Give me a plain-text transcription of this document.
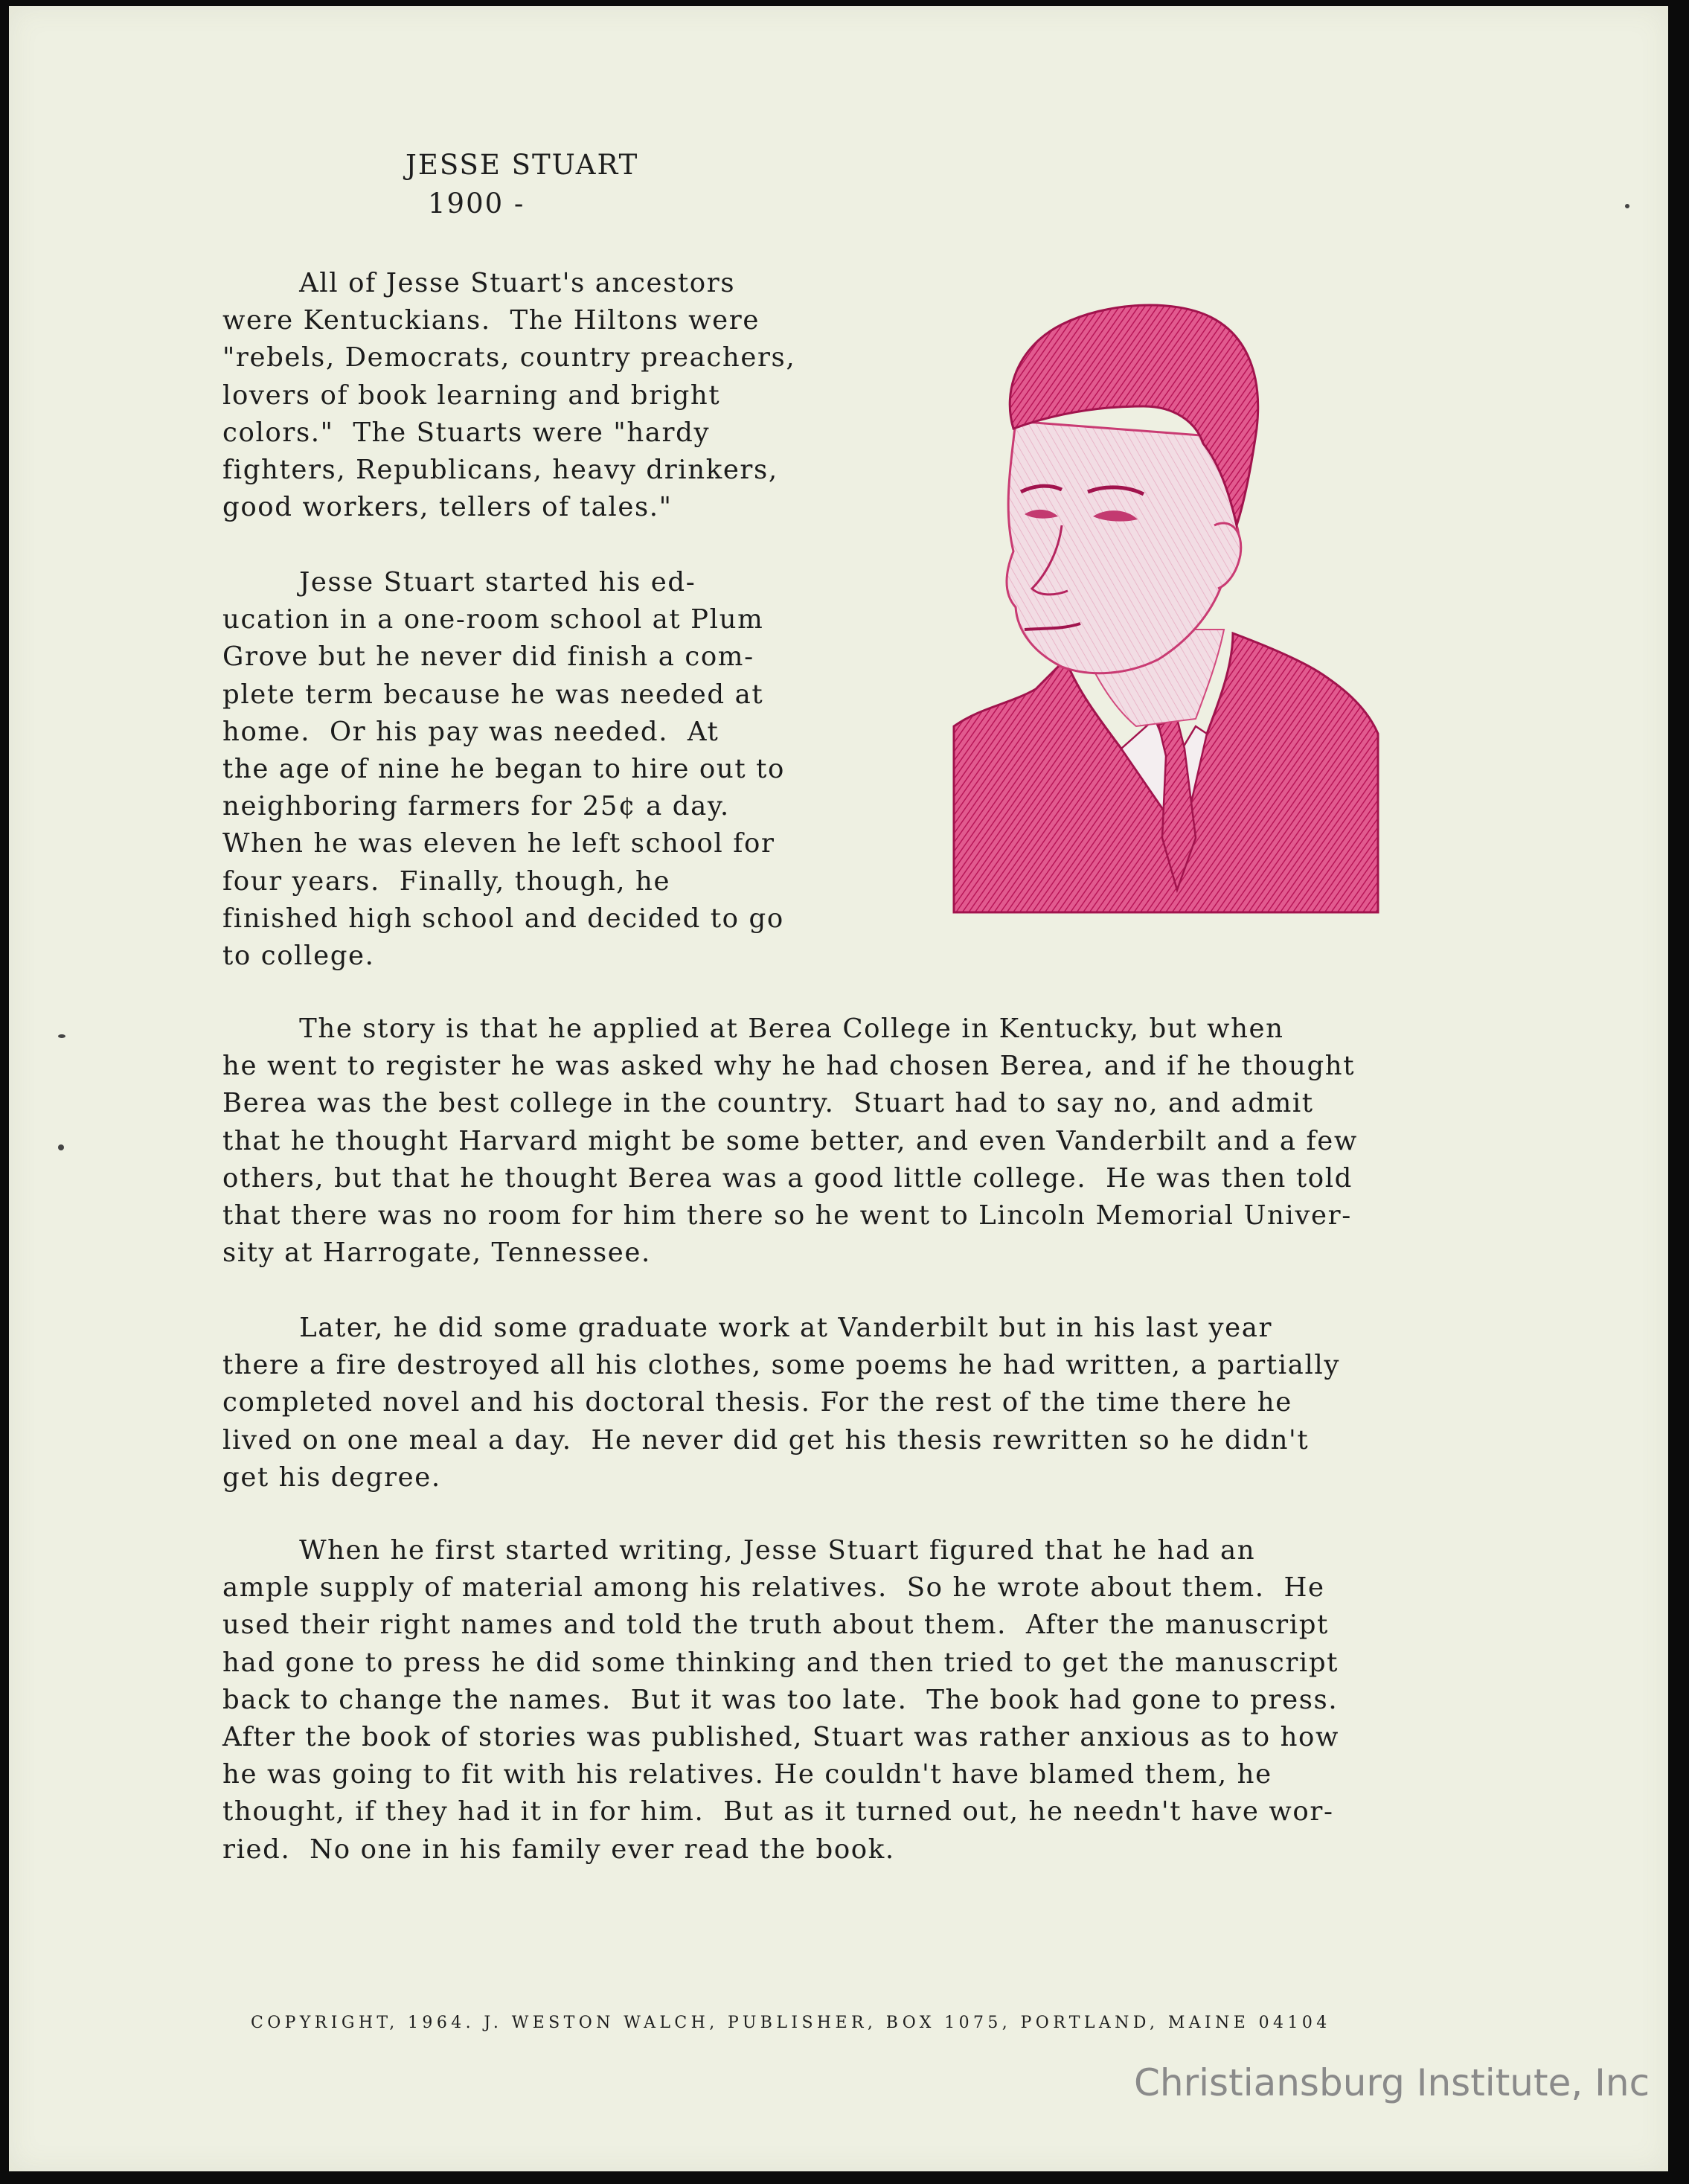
JESSE STUART
1900 -

All of Jesse Stuart's ancestors
were Kentuckians.  The Hiltons were
"rebels, Democrats, country preachers,
lovers of book learning and bright
colors."  The Stuarts were "hardy
fighters, Republicans, heavy drinkers,
good workers, tellers of tales."

Jesse Stuart started his ed-
ucation in a one-room school at Plum
Grove but he never did finish a com-
plete term because he was needed at
home.  Or his pay was needed.  At
the age of nine he began to hire out to
neighboring farmers for 25¢ a day.
When he was eleven he left school for
four years.  Finally, though, he
finished high school and decided to go
to college.

The story is that he applied at Berea College in Kentucky, but when
he went to register he was asked why he had chosen Berea, and if he thought
Berea was the best college in the country.  Stuart had to say no, and admit
that he thought Harvard might be some better, and even Vanderbilt and a few
others, but that he thought Berea was a good little college.  He was then told
that there was no room for him there so he went to Lincoln Memorial Univer-
sity at Harrogate, Tennessee.

Later, he did some graduate work at Vanderbilt but in his last year
there a fire destroyed all his clothes, some poems he had written, a partially
completed novel and his doctoral thesis. For the rest of the time there he
lived on one meal a day.  He never did get his thesis rewritten so he didn't
get his degree.

When he first started writing, Jesse Stuart figured that he had an
ample supply of material among his relatives.  So he wrote about them.  He
used their right names and told the truth about them.  After the manuscript
had gone to press he did some thinking and then tried to get the manuscript
back to change the names.  But it was too late.  The book had gone to press.
After the book of stories was published, Stuart was rather anxious as to how
he was going to fit with his relatives. He couldn't have blamed them, he
thought, if they had it in for him.  But as it turned out, he needn't have wor-
ried.  No one in his family ever read the book.

COPYRIGHT, 1964. J. WESTON WALCH, PUBLISHER, BOX 1075, PORTLAND, MAINE 04104
Christiansburg Institute, Inc
